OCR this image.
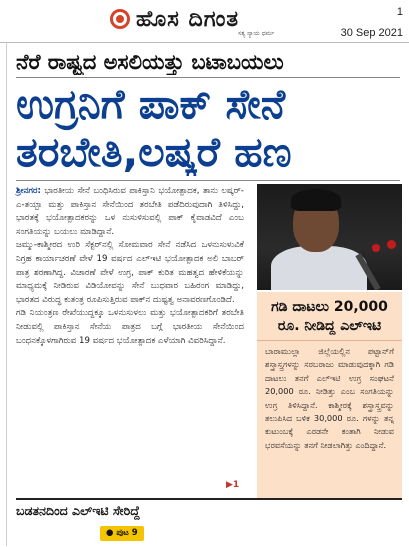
ಹೊಸ ದಿಗಂತ
ಸತ್ಯ ನ್ಯಾಯ ಧರ್ಮ
1
30 Sep 2021
ನೆರೆ ರಾಷ್ಟ್ರದ ಅಸಲಿಯತ್ತು ಬಟಾಬಯಲು
ಉಗ್ರನಿಗೆ ಪಾಕ್ ಸೇನೆ
ತರಬೇತಿ,ಲಷ್ಕರೆ ಹಣ

ಶ್ರೀನಗರ: ಭಾರತೀಯ ಸೇನೆ ಬಂಧಿಸಿರುವ ಪಾಕಿಸ್ತಾನಿ ಭಯೋತ್ಪಾದಕ, ತಾನು ಲಷ್ಕರ್-ಎ-ತಯ್ಬಾ ಮತ್ತು ಪಾಕಿಸ್ತಾನ ಸೇನೆಯಿಂದ ತರಬೇತಿ ಪಡೆದಿರುವುದಾಗಿ ತಿಳಿಸಿದ್ದು, ಭಾರತಕ್ಕೆ ಭಯೋತ್ಪಾದಕರನ್ನು ಒಳ ನುಸುಳಿಸುವಲ್ಲಿ ಪಾಕ್ ಕೈವಾಡವಿದೆ ಎಂಬ ಸಂಗತಿಯನ್ನು ಬಯಲು ಮಾಡಿದ್ದಾನೆ.

ಜಮ್ಮು-ಕಾಶ್ಮೀರದ ಉರಿ ಸೆಕ್ಟರ್‌ನಲ್ಲಿ ಸೋಮವಾರ ಸೇನೆ ನಡೆಸಿದ ಒಳನುಸುಳುವಿಕೆ ನಿಗ್ರಹ ಕಾರ್ಯಾಚರಣೆ ವೇಳೆ 19 ವರ್ಷದ ಎಲ್‌ಇಟಿ ಭಯೋತ್ಪಾದಕ ಅಲಿ ಬಾಬರ್ ಪಾತ್ರ ಶರಣಾಗಿದ್ದ. ವಿಚಾರಣೆ ವೇಳೆ ಉಗ್ರ, ಪಾಕ್ ಕುರಿತ ಮಹತ್ವದ ಹೇಳಿಕೆಯನ್ನು ಮಾಧ್ಯಮಕ್ಕೆ ನೀಡಿರುವ ವಿಡಿಯೋವನ್ನು ಸೇನೆ ಬುಧವಾರ ಬಹಿರಂಗ ಮಾಡಿದ್ದು, ಭಾರತದ ವಿರುದ್ಧ ಕುತಂತ್ರ ರೂಪಿಸುತ್ತಿರುವ ಪಾಕ್‌ನ ದುಷ್ಟತ್ವ ಅನಾವರಣಗೊಂಡಿದೆ.

ಗಡಿ ನಿಯಂತ್ರಣ ರೇಖೆಯುದ್ದಕ್ಕೂ ಒಳನುಸುಳಲು ಮತ್ತು ಭಯೋತ್ಪಾದಕರಿಗೆ ತರಬೇತಿ ನೀಡುವಲ್ಲಿ ಪಾಕಿಸ್ತಾನ ಸೇನೆಯ ಪಾತ್ರದ ಬಗ್ಗೆ ಭಾರತೀಯ ಸೇನೆಯಿಂದ ಬಂಧನಕ್ಕೊಳಗಾಗಿರುವ 19 ವರ್ಷದ ಭಯೋತ್ಪಾದಕ ಎಳೆಯಾಗಿ ವಿವರಿಸಿದ್ದಾನೆ.

▶1
ಗಡಿ ದಾಟಲು 20,000 ರೂ. ನೀಡಿದ್ದ ಎಲ್‌ಇಟಿ

ಬಾರಾಮುಲ್ಲಾ ಜಿಲ್ಲೆಯಲ್ಲಿನ ಪಟ್ಟಾನ್‌ಗೆ ಶಸ್ತ್ರಾಸ್ತ್ರಗಳನ್ನು ಸರಬರಾಜು ಮಾಡುವುದಕ್ಕಾಗಿ ಗಡಿ ದಾಟಲು ತನಗೆ ಎಲ್‌ಇಟಿ ಉಗ್ರ ಸಂಘಟನೆ 20,000 ರೂ. ನೀಡಿತ್ತು ಎಂಬ ಸಂಗತಿಯನ್ನು ಉಗ್ರ ತಿಳಿಸಿದ್ದಾನೆ. ಕಾಶ್ಮೀರಕ್ಕೆ ಶಸ್ತ್ರಾಸ್ತ್ರವನ್ನು ತಲುಪಿಸಿದ ಬಳಿಕ 30,000 ರೂ. ಗಳನ್ನು ತನ್ನ ಕುಟುಂಬಕ್ಕೆ ಎರಡನೇ ಕಂತಾಗಿ ನೀಡುವ ಭರವಸೆಯನ್ನು ತನಗೆ ನೀಡಲಾಗಿತ್ತು ಎಂದಿದ್ದಾನೆ.

ಬಡತನದಿಂದ ಎಲ್‌ಇಟಿ ಸೇರಿದ್ದೆ
● ಪುಟ 9
